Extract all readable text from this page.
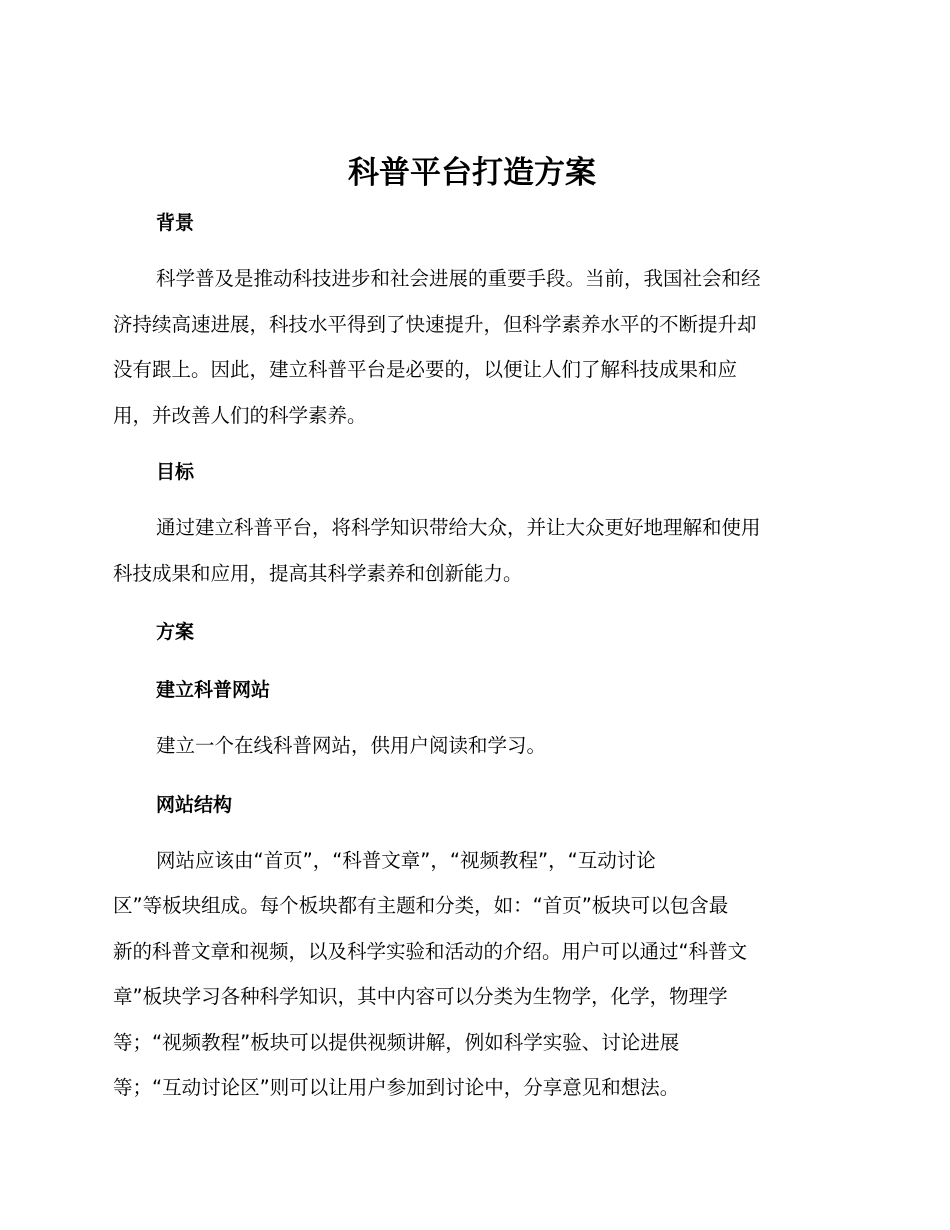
科普平台打造方案
背景
科学普及是推动科技进步和社会进展的重要手段。当前，我国社会和经
济持续高速进展，科技水平得到了快速提升，但科学素养水平的不断提升却
没有跟上。因此，建立科普平台是必要的，以便让人们了解科技成果和应
用，并改善人们的科学素养。
目标
通过建立科普平台，将科学知识带给大众，并让大众更好地理解和使用
科技成果和应用，提高其科学素养和创新能力。
方案
建立科普网站
建立一个在线科普网站，供用户阅读和学习。
网站结构
网站应该由“首页”，“科普文章”，“视频教程”，“互动讨论
区”等板块组成。每个板块都有主题和分类，如：“首页”板块可以包含最
新的科普文章和视频，以及科学实验和活动的介绍。用户可以通过“科普文
章”板块学习各种科学知识，其中内容可以分类为生物学，化学，物理学
等；“视频教程”板块可以提供视频讲解，例如科学实验、讨论进展
等；“互动讨论区”则可以让用户参加到讨论中，分享意见和想法。
